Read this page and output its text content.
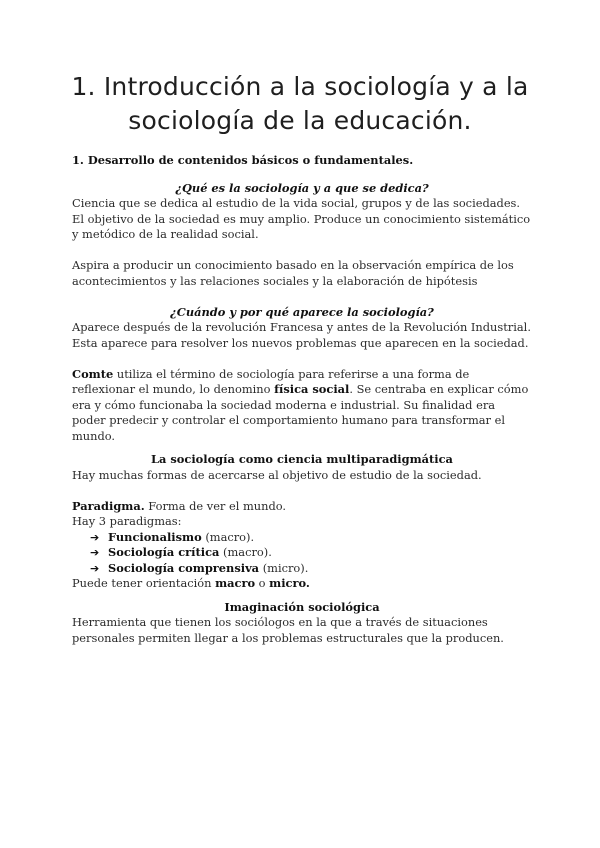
1. Introducción a la sociología y a la sociología de la educación.

1. Desarrollo de contenidos básicos o fundamentales.

¿Qué es la sociología y a que se dedica?

Ciencia que se dedica al estudio de la vida social, grupos y de las sociedades. El objetivo de la sociedad es muy amplio. Produce un conocimiento sistemático y metódico de la realidad social.

Aspira a producir un conocimiento basado en la observación empírica de los acontecimientos y las relaciones sociales y la elaboración de hipótesis

¿Cuándo y por qué aparece la sociología?

Aparece después de la revolución Francesa y antes de la Revolución Industrial. Esta aparece para resolver los nuevos problemas que aparecen en la sociedad.

Comte utiliza el término de sociología para referirse a una forma de reflexionar el mundo, lo denomino física social. Se centraba en explicar cómo era y cómo funcionaba la sociedad moderna e industrial. Su finalidad era poder predecir y controlar el comportamiento humano para transformar el mundo.

La sociología como ciencia multiparadigmática

Hay muchas formas de acercarse al objetivo de estudio de la sociedad.

Paradigma. Forma de ver el mundo.

Hay 3 paradigmas:

➔ Funcionalismo (macro).
➔ Sociología crítica (macro).
➔ Sociología comprensiva (micro).

Puede tener orientación macro o micro.

Imaginación sociológica

Herramienta que tienen los sociólogos en la que a través de situaciones personales permiten llegar a los problemas estructurales que la producen.
